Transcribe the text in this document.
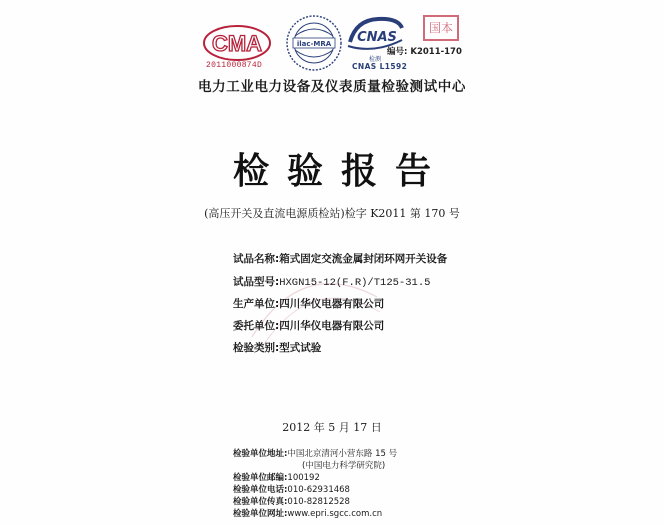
CMA
2011000874D
ilac-MRA CNAS
检测
CNAS L1592
国本
编号: K2011-170
电力工业电力设备及仪表质量检验测试中心
检验报告
(高压开关及直流电源质检站)检字 K2011 第 170 号
试品名称:箱式固定交流金属封闭环网开关设备
试品型号:HXGN15-12(F.R)/T125-31.5
生产单位:四川华仪电器有限公司
委托单位:四川华仪电器有限公司
检验类别:型式试验
2012 年 5 月 17 日
检验单位地址:中国北京清河小营东路 15 号
(中国电力科学研究院)
检验单位邮编:100192
检验单位电话:010-62931468
检验单位传真:010-82812528
检验单位网址:www.epri.sgcc.com.cn
